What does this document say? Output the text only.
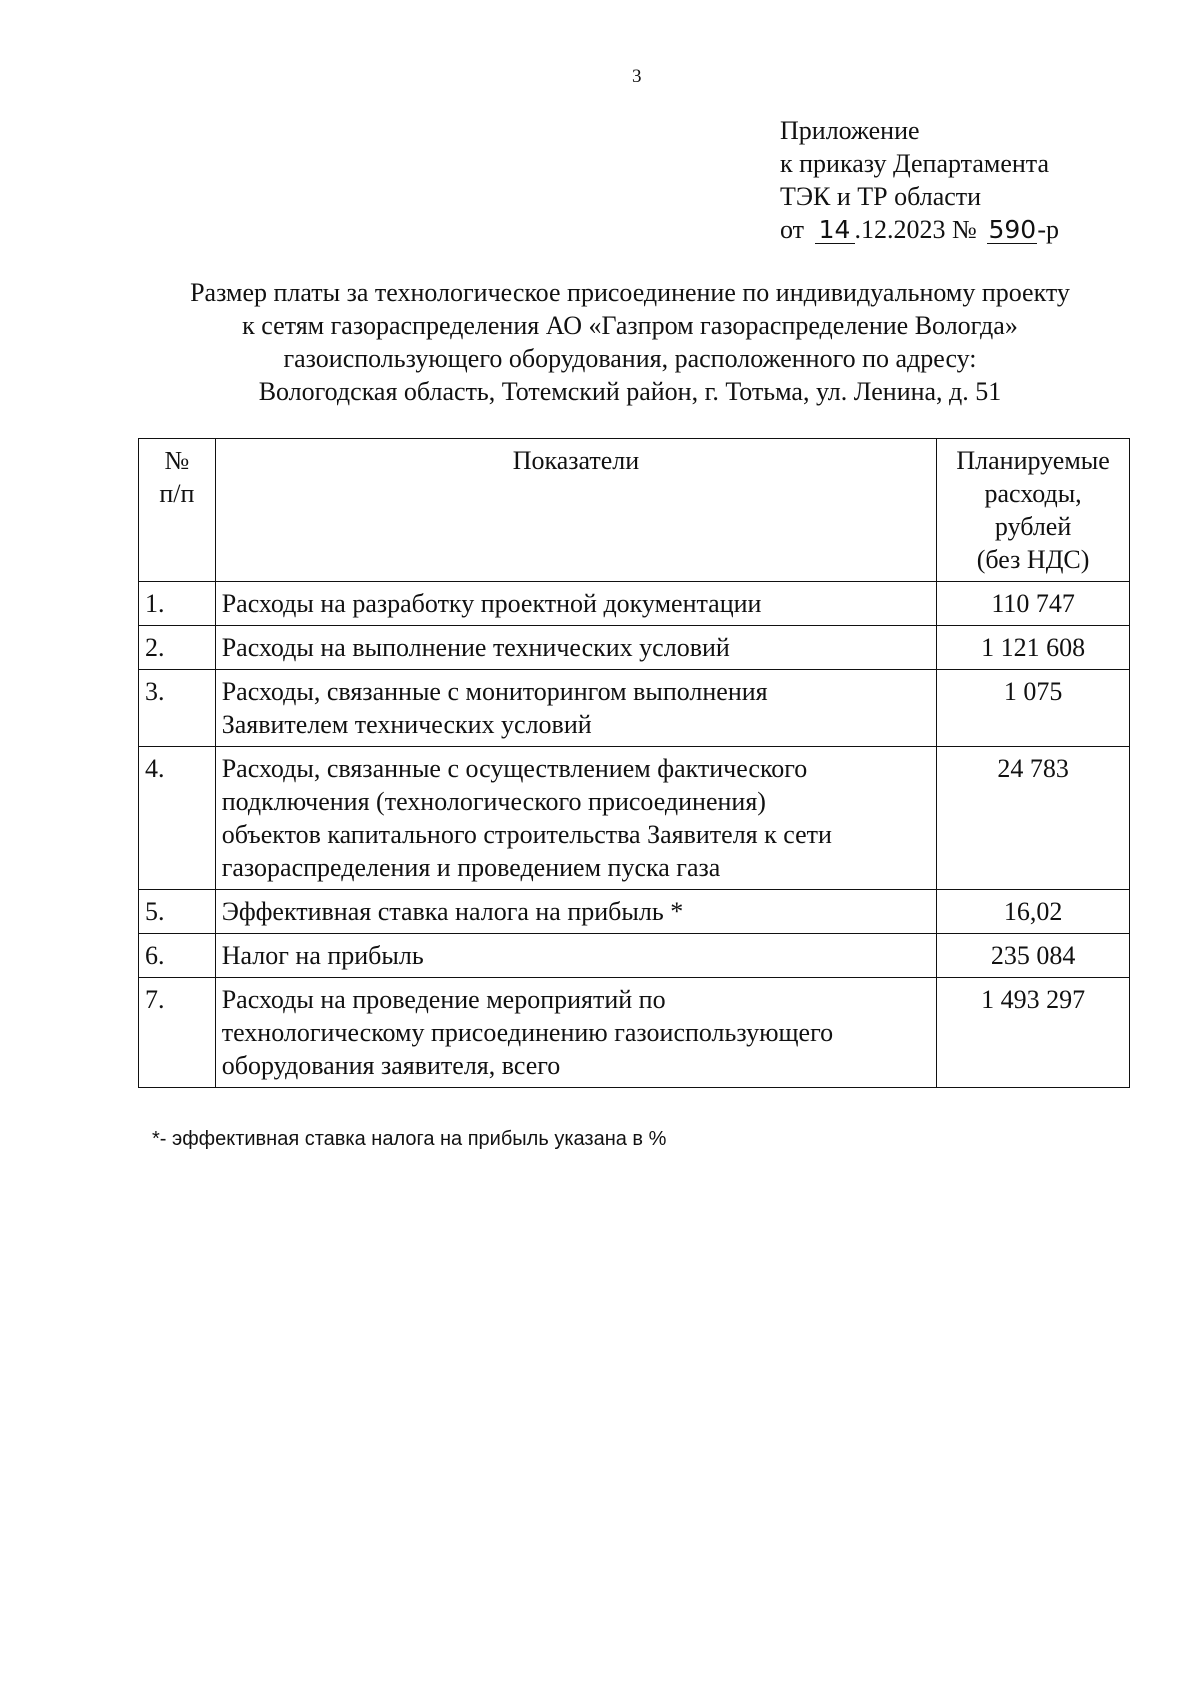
3
Приложение
к приказу Департамента
ТЭК и ТР области
от 14 .12.2023 № 590-р
Размер платы за технологическое присоединение по индивидуальному проекту
к сетям газораспределения АО «Газпром газораспределение Вологда»
газоиспользующего оборудования, расположенного по адресу:
Вологодская область, Тотемский район, г. Тотьма, ул. Ленина, д. 51
№
п/п	Показатели	Планируемые
расходы,
рублей
(без НДС)
1.	Расходы на разработку проектной документации	110 747
2.	Расходы на выполнение технических условий	1 121 608
3.	Расходы, связанные с мониторингом выполнения
Заявителем технических условий	1 075
4.	Расходы, связанные с осуществлением фактического
подключения (технологического присоединения)
объектов капитального строительства Заявителя к сети
газораспределения и проведением пуска газа	24 783
5.	Эффективная ставка налога на прибыль *	16,02
6.	Налог на прибыль	235 084
7.	Расходы на проведение мероприятий по
технологическому присоединению газоиспользующего
оборудования заявителя, всего	1 493 297
*- эффективная ставка налога на прибыль указана в %
